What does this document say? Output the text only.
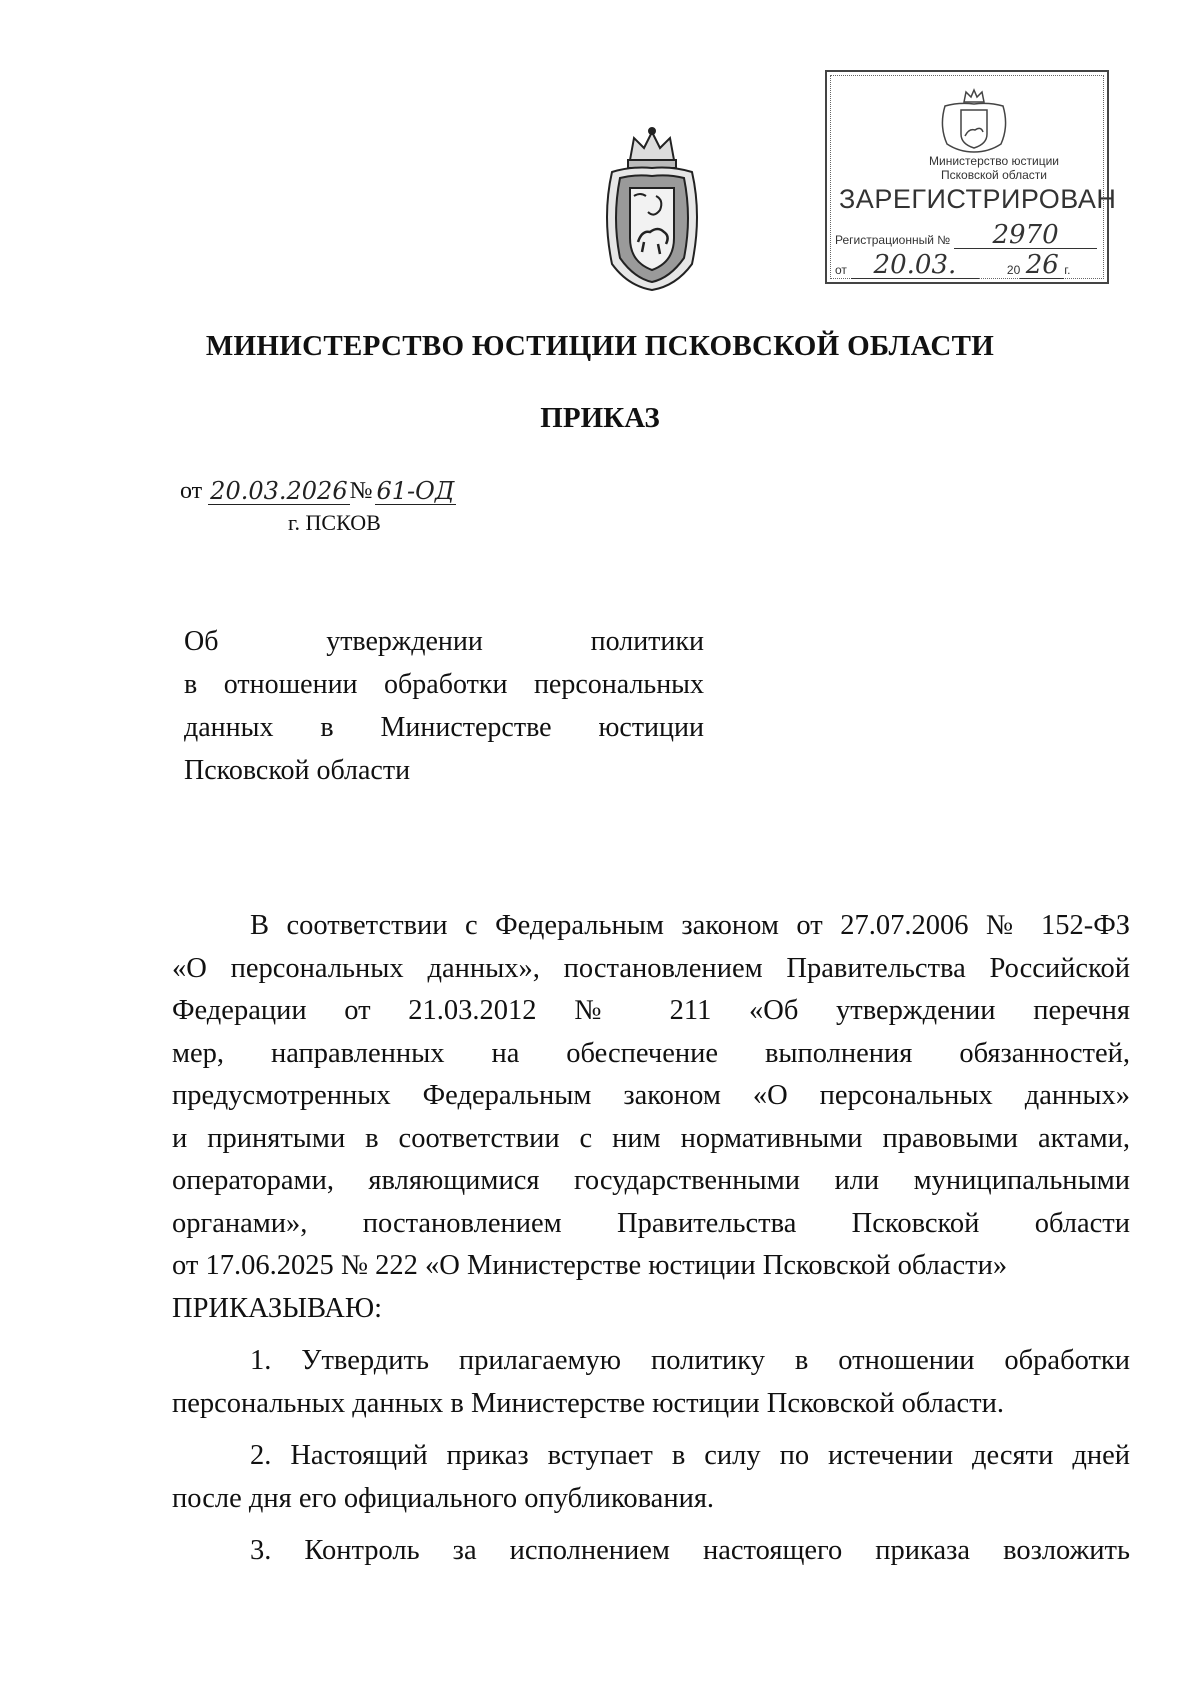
Министерство юстиции
Псковской области
ЗАРЕГИСТРИРОВАН
Регистрационный №	2970
от	20.03.	20 26 г.
МИНИСТЕРСТВО ЮСТИЦИИ ПСКОВСКОЙ ОБЛАСТИ
ПРИКАЗ
от 20.03.2026 № 61-ОД
г. ПСКОВ
Об утверждении политики
в отношении обработки персональных
данных в Министерстве юстиции
Псковской области
В соответствии с Федеральным законом от 27.07.2006 № 152-ФЗ
«О персональных данных», постановлением Правительства Российской
Федерации от 21.03.2012 № 211 «Об утверждении перечня
мер, направленных на обеспечение выполнения обязанностей,
предусмотренных Федеральным законом «О персональных данных»
и принятыми в соответствии с ним нормативными правовыми актами,
операторами, являющимися государственными или муниципальными
органами», постановлением Правительства Псковской области
от 17.06.2025 № 222 «О Министерстве юстиции Псковской области»
ПРИКАЗЫВАЮ:
1. Утвердить прилагаемую политику в отношении обработки
персональных данных в Министерстве юстиции Псковской области.
2. Настоящий приказ вступает в силу по истечении десяти дней
после дня его официального опубликования.
3. Контроль за исполнением настоящего приказа возложить
